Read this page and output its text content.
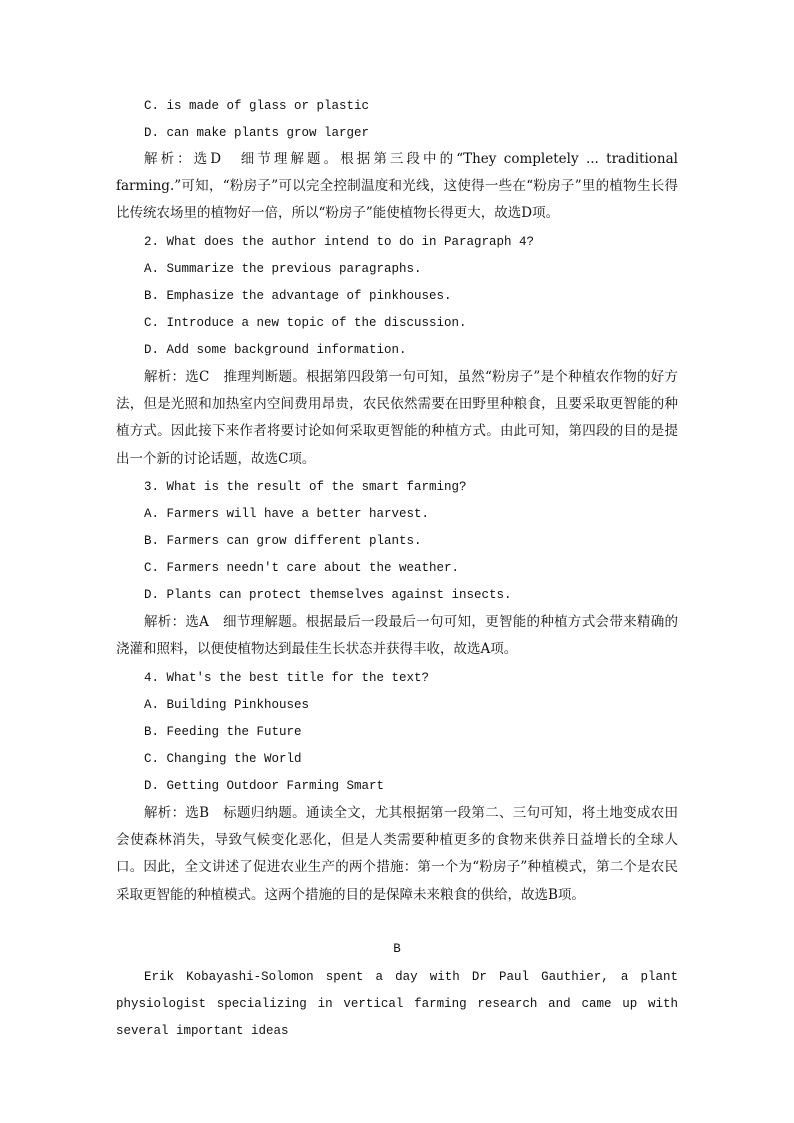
C. is made of glass or plastic
D. can make plants grow larger

解析：选D　细节理解题。根据第三段中的“They completely ... traditional farming.”可知，“粉房子”可以完全控制温度和光线，这使得一些在“粉房子”里的植物生长得比传统农场里的植物好一倍，所以“粉房子”能使植物长得更大，故选D项。

2. What does the author intend to do in Paragraph 4?
A. Summarize the previous paragraphs.
B. Emphasize the advantage of pinkhouses.
C. Introduce a new topic of the discussion.
D. Add some background information.

解析：选C　推理判断题。根据第四段第一句可知，虽然“粉房子”是个种植农作物的好方法，但是光照和加热室内空间费用昂贵，农民依然需要在田野里种粮食，且要采取更智能的种植方式。因此接下来作者将要讨论如何采取更智能的种植方式。由此可知，第四段的目的是提出一个新的讨论话题，故选C项。

3. What is the result of the smart farming?
A. Farmers will have a better harvest.
B. Farmers can grow different plants.
C. Farmers needn't care about the weather.
D. Plants can protect themselves against insects.

解析：选A　细节理解题。根据最后一段最后一句可知，更智能的种植方式会带来精确的浇灌和照料，以便使植物达到最佳生长状态并获得丰收，故选A项。

4. What's the best title for the text?
A. Building Pinkhouses
B. Feeding the Future
C. Changing the World
D. Getting Outdoor Farming Smart

解析：选B　标题归纳题。通读全文，尤其根据第一段第二、三句可知，将土地变成农田会使森林消失，导致气候变化恶化，但是人类需要种植更多的食物来供养日益增长的全球人口。因此，全文讲述了促进农业生产的两个措施：第一个为“粉房子”种植模式，第二个是农民采取更智能的种植模式。这两个措施的目的是保障未来粮食的供给，故选B项。

B

Erik Kobayashi-Solomon spent a day with Dr Paul Gauthier, a plant physiologist specializing in vertical farming research and came up with several important ideas
